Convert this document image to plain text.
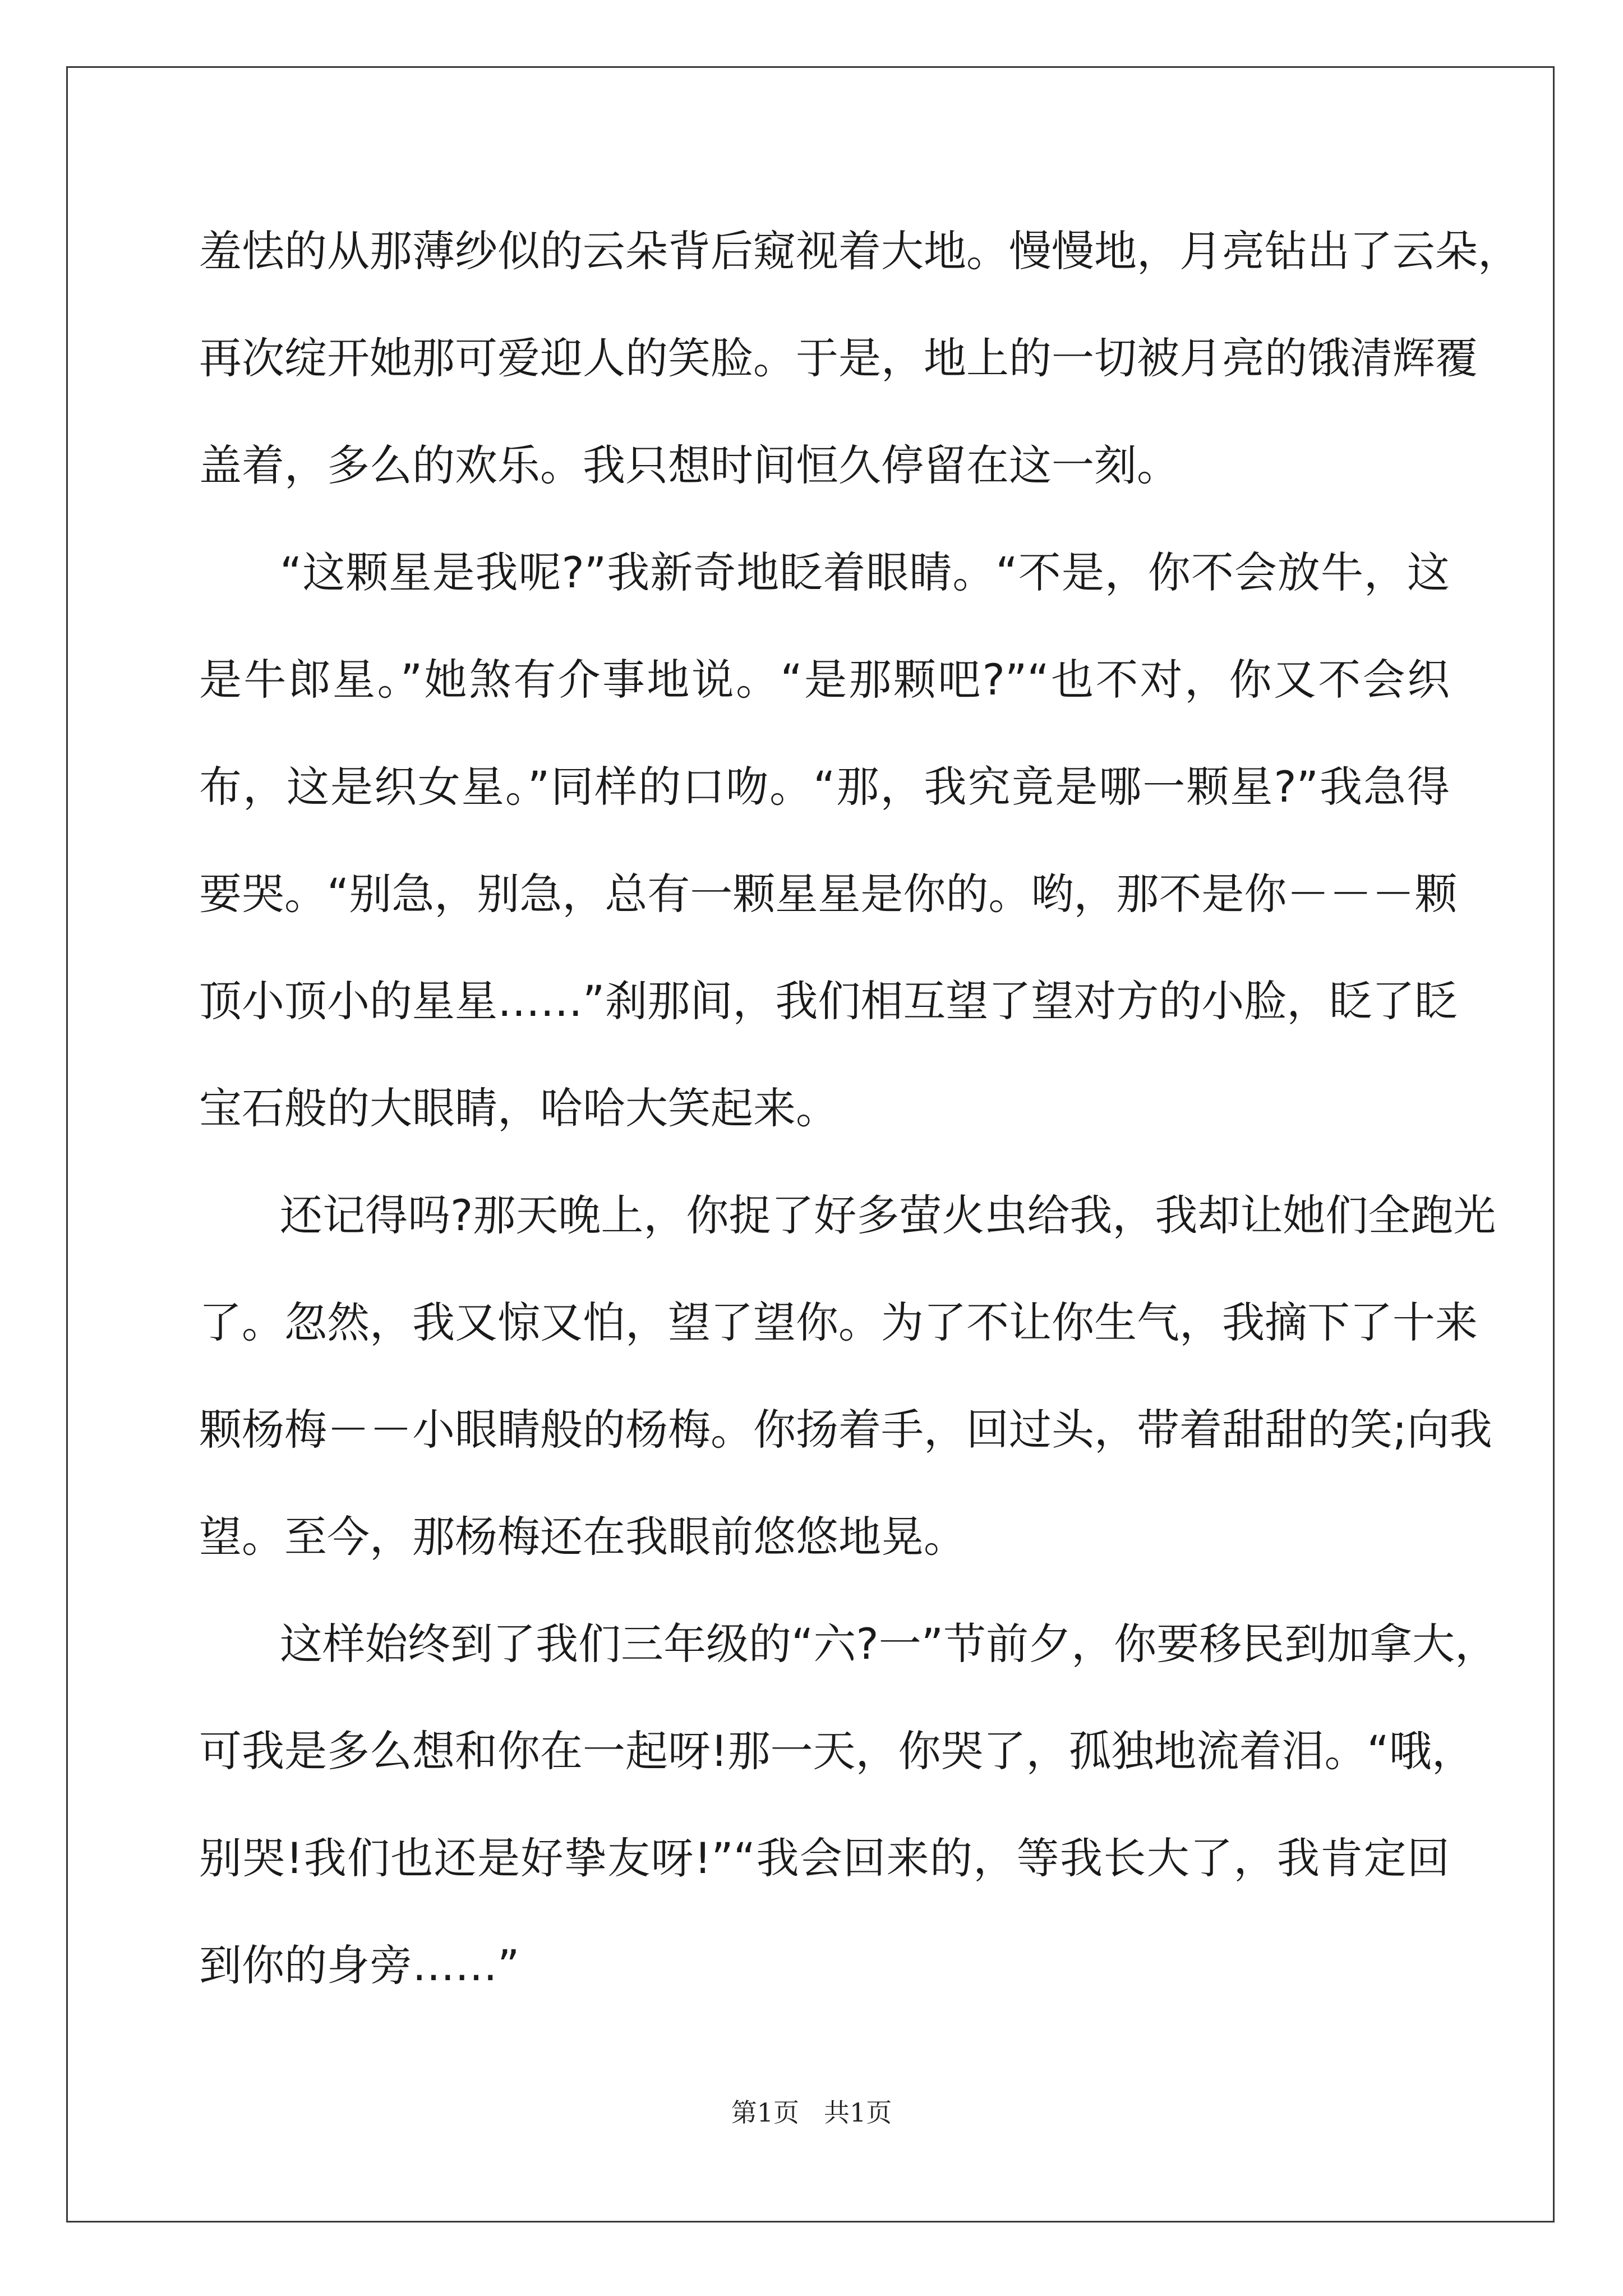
羞怯的从那薄纱似的云朵背后窥视着大地。慢慢地，月亮钻出了云朵，
再次绽开她那可爱迎人的笑脸。于是，地上的一切被月亮的饿清辉覆
盖着，多么的欢乐。我只想时间恒久停留在这一刻。
“这颗星是我呢?”我新奇地眨着眼睛。“不是，你不会放牛，这
是牛郎星。”她煞有介事地说。“是那颗吧?”“也不对，你又不会织
布，这是织女星。”同样的口吻。“那，我究竟是哪一颗星?”我急得
要哭。“别急，别急，总有一颗星星是你的。哟，那不是你－－－颗
顶小顶小的星星……”刹那间，我们相互望了望对方的小脸，眨了眨
宝石般的大眼睛，哈哈大笑起来。
还记得吗?那天晚上，你捉了好多萤火虫给我，我却让她们全跑光
了。忽然，我又惊又怕，望了望你。为了不让你生气，我摘下了十来
颗杨梅－－小眼睛般的杨梅。你扬着手，回过头，带着甜甜的笑;向我
望。至今，那杨梅还在我眼前悠悠地晃。
这样始终到了我们三年级的“六?一”节前夕，你要移民到加拿大，
可我是多么想和你在一起呀!那一天，你哭了，孤独地流着泪。“哦，
别哭!我们也还是好挚友呀!”“我会回来的，等我长大了，我肯定回
到你的身旁……”
第1页 共1页
